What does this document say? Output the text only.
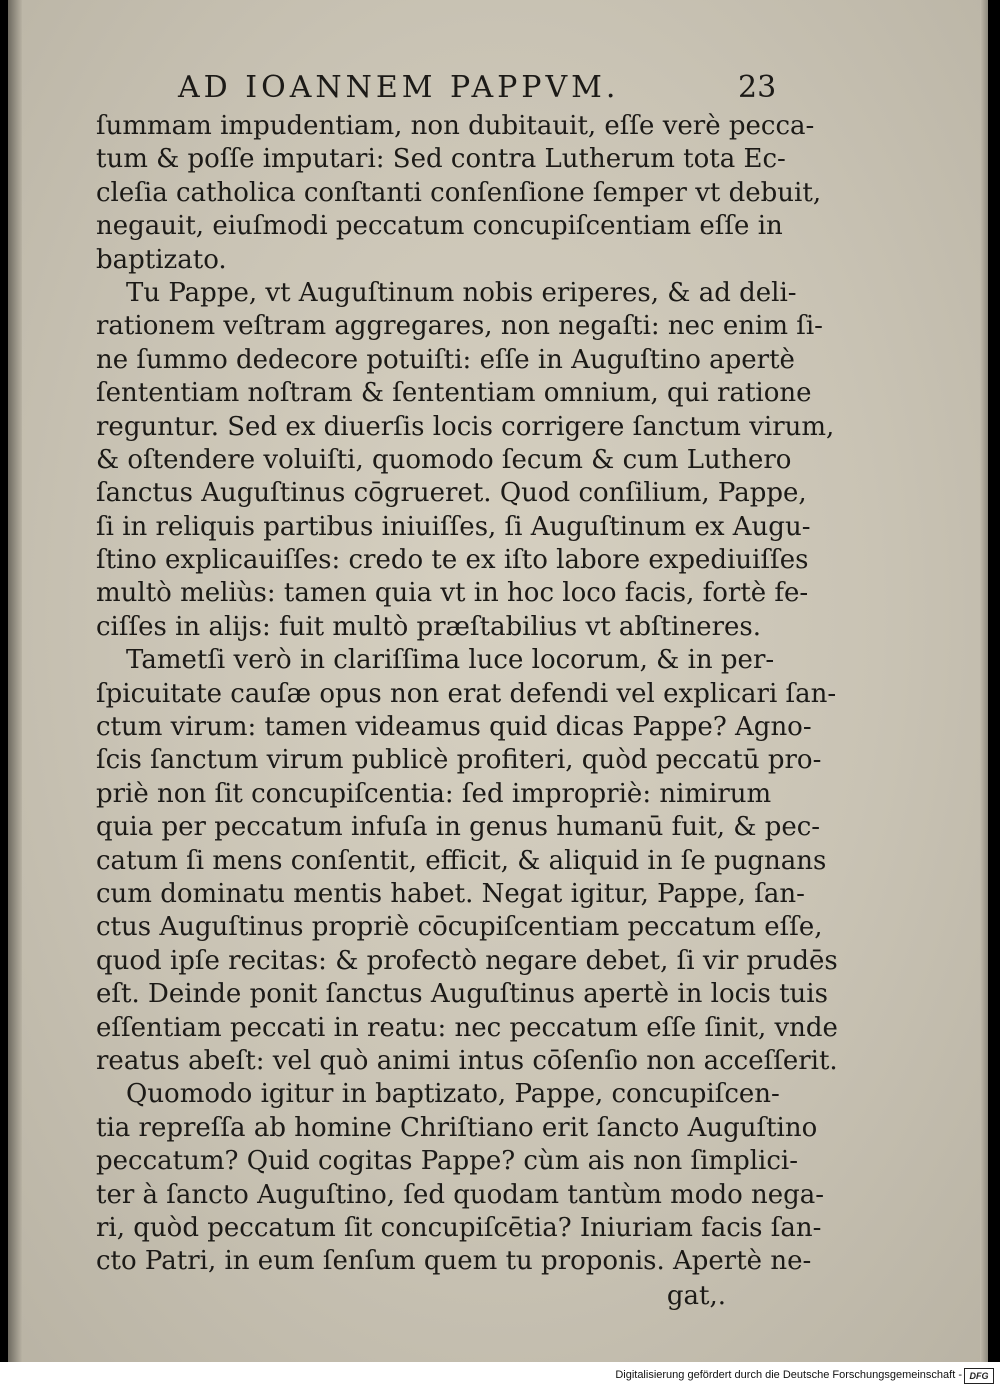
AD IOANNEM PAPPVM.	23
ſummam impudentiam, non dubitauit, eſſe verè pecca-
tum & poſſe imputari: Sed contra Lutherum tota Ec-
cleſia catholica conſtanti conſenſione ſemper vt debuit,
negauit, eiuſmodi peccatum concupiſcentiam eſſe in
baptizato.
Tu Pappe, vt Auguſtinum nobis eriperes, & ad deli-
rationem veſtram aggregares, non negaſti: nec enim ſi-
ne ſummo dedecore potuiſti: eſſe in Auguſtino apertè
ſententiam noſtram & ſententiam omnium, qui ratione
reguntur. Sed ex diuerſis locis corrigere ſanctum virum,
& oſtendere voluiſti, quomodo ſecum & cum Luthero
ſanctus Auguſtinus cōgrueret. Quod conſilium, Pappe,
ſi in reliquis partibus iniuiſſes, ſi Auguſtinum ex Augu-
ſtino explicauiſſes: credo te ex iſto labore expediuiſſes
multò meliùs: tamen quia vt in hoc loco facis, fortè fe-
ciſſes in alijs: fuit multò præſtabilius vt abſtineres.
Tametſi verò in clariſſima luce locorum, & in per-
ſpicuitate cauſæ opus non erat defendi vel explicari ſan-
ctum virum: tamen videamus quid dicas Pappe? Agno-
ſcis ſanctum virum publicè profiteri, quòd peccatū pro-
priè non ſit concupiſcentia: ſed impropriè: nimirum
quia per peccatum infuſa in genus humanū fuit, & pec-
catum ſi mens conſentit, efficit, & aliquid in ſe pugnans
cum dominatu mentis habet. Negat igitur, Pappe, ſan-
ctus Auguſtinus propriè cōcupiſcentiam peccatum eſſe,
quod ipſe recitas: & profectò negare debet, ſi vir prudēs
eſt. Deinde ponit ſanctus Auguſtinus apertè in locis tuis
eſſentiam peccati in reatu: nec peccatum eſſe ſinit, vnde
reatus abeſt: vel quò animi intus cōſenſio non acceſſerit.
Quomodo igitur in baptizato, Pappe, concupiſcen-
tia repreſſa ab homine Chriſtiano erit ſancto Auguſtino
peccatum? Quid cogitas Pappe? cùm ais non ſimplici-
ter à ſancto Auguſtino, ſed quodam tantùm modo nega-
ri, quòd peccatum ſit concupiſcētia? Iniuriam facis ſan-
cto Patri, in eum ſenſum quem tu proponis. Apertè ne-
gat,.
Digitalisierung gefördert durch die Deutsche Forschungsgemeinschaft - DFG
